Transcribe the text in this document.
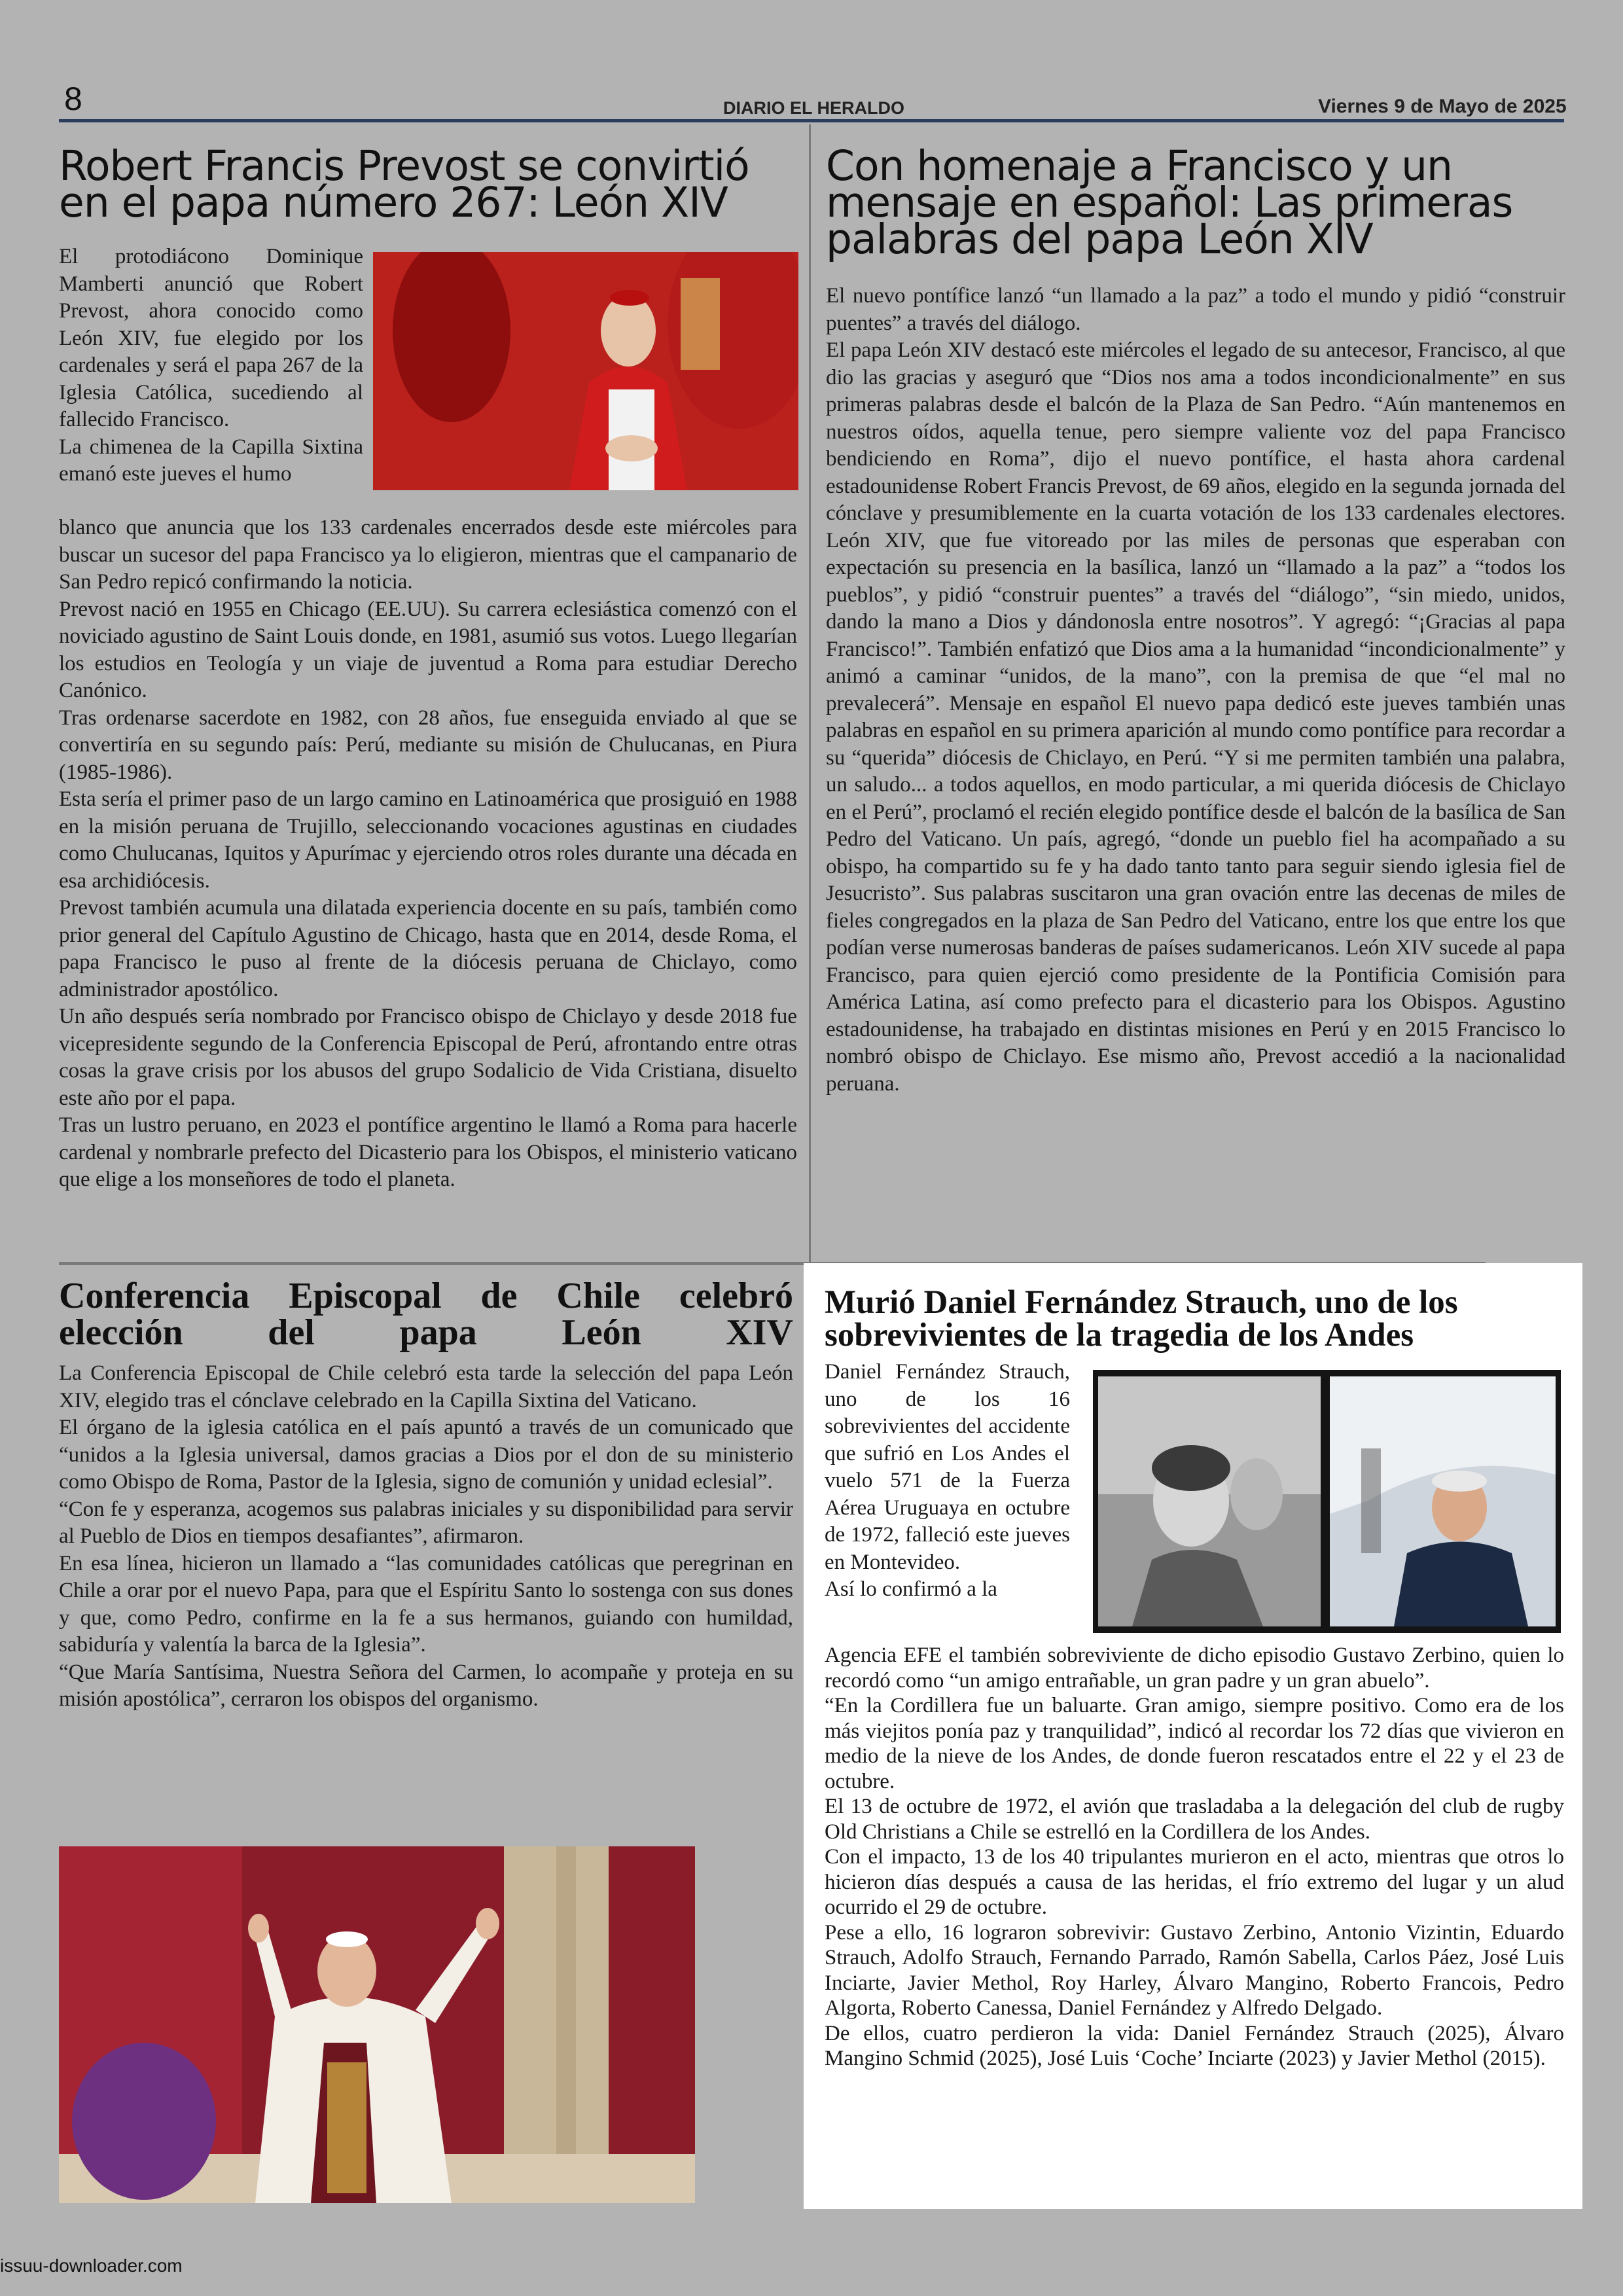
8	DIARIO EL HERALDO	Viernes 9 de Mayo de 2025
Robert Francis Prevost se convirtió en el papa número 267: León XIV

El protodiácono Dominique Mamberti anunció que Robert Prevost, ahora conocido como León XIV, fue elegido por los cardenales y será el papa 267 de la Iglesia Católica, sucediendo al fallecido Francisco.

La chimenea de la Capilla Sixtina emanó este jueves el humo

blanco que anuncia que los 133 cardenales encerrados desde este miércoles para buscar un sucesor del papa Francisco ya lo eligieron, mientras que el campanario de San Pedro repicó confirmando la noticia.

Prevost nació en 1955 en Chicago (EE.UU). Su carrera eclesiástica comenzó con el noviciado agustino de Saint Louis donde, en 1981, asumió sus votos. Luego llegarían los estudios en Teología y un viaje de juventud a Roma para estudiar Derecho Canónico.

Tras ordenarse sacerdote en 1982, con 28 años, fue enseguida enviado al que se convertiría en su segundo país: Perú, mediante su misión de Chulucanas, en Piura (1985-1986).

Esta sería el primer paso de un largo camino en Latinoamérica que prosiguió en 1988 en la misión peruana de Trujillo, seleccionando vocaciones agustinas en ciudades como Chulucanas, Iquitos y Apurímac y ejerciendo otros roles durante una década en esa archidiócesis.

Prevost también acumula una dilatada experiencia docente en su país, también como prior general del Capítulo Agustino de Chicago, hasta que en 2014, desde Roma, el papa Francisco le puso al frente de la diócesis peruana de Chiclayo, como administrador apostólico.

Un año después sería nombrado por Francisco obispo de Chiclayo y desde 2018 fue vicepresidente segundo de la Conferencia Episcopal de Perú, afrontando entre otras cosas la grave crisis por los abusos del grupo Sodalicio de Vida Cristiana, disuelto este año por el papa.

Tras un lustro peruano, en 2023 el pontífice argentino le llamó a Roma para hacerle cardenal y nombrarle prefecto del Dicasterio para los Obispos, el ministerio vaticano que elige a los monseñores de todo el planeta.

Con homenaje a Francisco y un mensaje en español: Las primeras palabras del papa León XIV

El nuevo pontífice lanzó “un llamado a la paz” a todo el mundo y pidió “construir puentes” a través del diálogo.

El papa León XIV destacó este miércoles el legado de su antecesor, Francisco, al que dio las gracias y aseguró que “Dios nos ama a todos incondicionalmente” en sus primeras palabras desde el balcón de la Plaza de San Pedro. “Aún mantenemos en nuestros oídos, aquella tenue, pero siempre valiente voz del papa Francisco bendiciendo en Roma”, dijo el nuevo pontífice, el hasta ahora cardenal estadounidense Robert Francis Prevost, de 69 años, elegido en la segunda jornada del cónclave y presumiblemente en la cuarta votación de los 133 cardenales electores. León XIV, que fue vitoreado por las miles de personas que esperaban con expectación su presencia en la basílica, lanzó un “llamado a la paz” a “todos los pueblos”, y pidió “construir puentes” a través del “diálogo”, “sin miedo, unidos, dando la mano a Dios y dándonosla entre nosotros”. Y agregó: “¡Gracias al papa Francisco!”. También enfatizó que Dios ama a la humanidad “incondicionalmente” y animó a caminar “unidos, de la mano”, con la premisa de que “el mal no prevalecerá”. Mensaje en español El nuevo papa dedicó este jueves también unas palabras en español en su primera aparición al mundo como pontífice para recordar a su “querida” diócesis de Chiclayo, en Perú. “Y si me permiten también una palabra, un saludo... a todos aquellos, en modo particular, a mi querida diócesis de Chiclayo en el Perú”, proclamó el recién elegido pontífice desde el balcón de la basílica de San Pedro del Vaticano. Un país, agregó, “donde un pueblo fiel ha acompañado a su obispo, ha compartido su fe y ha dado tanto tanto para seguir siendo iglesia fiel de Jesucristo”. Sus palabras suscitaron una gran ovación entre las decenas de miles de fieles congregados en la plaza de San Pedro del Vaticano, entre los que entre los que podían verse numerosas banderas de países sudamericanos. León XIV sucede al papa Francisco, para quien ejerció como presidente de la Pontificia Comisión para América Latina, así como prefecto para el dicasterio para los Obispos. Agustino estadounidense, ha trabajado en distintas misiones en Perú y en 2015 Francisco lo nombró obispo de Chiclayo. Ese mismo año, Prevost accedió a la nacionalidad peruana.

Conferencia Episcopal de Chile celebró elección del papa León XIV

La Conferencia Episcopal de Chile celebró esta tarde la selección del papa León XIV, elegido tras el cónclave celebrado en la Capilla Sixtina del Vaticano.

El órgano de la iglesia católica en el país apuntó a través de un comunicado que “unidos a la Iglesia universal, damos gracias a Dios por el don de su ministerio como Obispo de Roma, Pastor de la Iglesia, signo de comunión y unidad eclesial”.

“Con fe y esperanza, acogemos sus palabras iniciales y su disponibilidad para servir al Pueblo de Dios en tiempos desafiantes”, afirmaron.

En esa línea, hicieron un llamado a “las comunidades católicas que peregrinan en Chile a orar por el nuevo Papa, para que el Espíritu Santo lo sostenga con sus dones y que, como Pedro, confirme en la fe a sus hermanos, guiando con humildad, sabiduría y valentía la barca de la Iglesia”.

“Que María Santísima, Nuestra Señora del Carmen, lo acompañe y proteja en su misión apostólica”, cerraron los obispos del organismo.

Murió Daniel Fernández Strauch, uno de los sobrevivientes de la tragedia de los Andes

Daniel Fernández Strauch, uno de los 16 sobrevivientes del accidente que sufrió en Los Andes el vuelo 571 de la Fuerza Aérea Uruguaya en octubre de 1972, falleció este jueves en Montevideo.

Así lo confirmó a la

Agencia EFE el también sobreviviente de dicho episodio Gustavo Zerbino, quien lo recordó como “un amigo entrañable, un gran padre y un gran abuelo”.

“En la Cordillera fue un baluarte. Gran amigo, siempre positivo. Como era de los más viejitos ponía paz y tranquilidad”, indicó al recordar los 72 días que vivieron en medio de la nieve de los Andes, de donde fueron rescatados entre el 22 y el 23 de octubre.

El 13 de octubre de 1972, el avión que trasladaba a la delegación del club de rugby Old Christians a Chile se estrelló en la Cordillera de los Andes.

Con el impacto, 13 de los 40 tripulantes murieron en el acto, mientras que otros lo hicieron días después a causa de las heridas, el frío extremo del lugar y un alud ocurrido el 29 de octubre.

Pese a ello, 16 lograron sobrevivir: Gustavo Zerbino, Antonio Vizintin, Eduardo Strauch, Adolfo Strauch, Fernando Parrado, Ramón Sabella, Carlos Páez, José Luis Inciarte, Javier Methol, Roy Harley, Álvaro Mangino, Roberto Francois, Pedro Algorta, Roberto Canessa, Daniel Fernández y Alfredo Delgado.

De ellos, cuatro perdieron la vida: Daniel Fernández Strauch (2025), Álvaro Mangino Schmid (2025), José Luis ‘Coche’ Inciarte (2023) y Javier Methol (2015).

issuu-downloader.com
